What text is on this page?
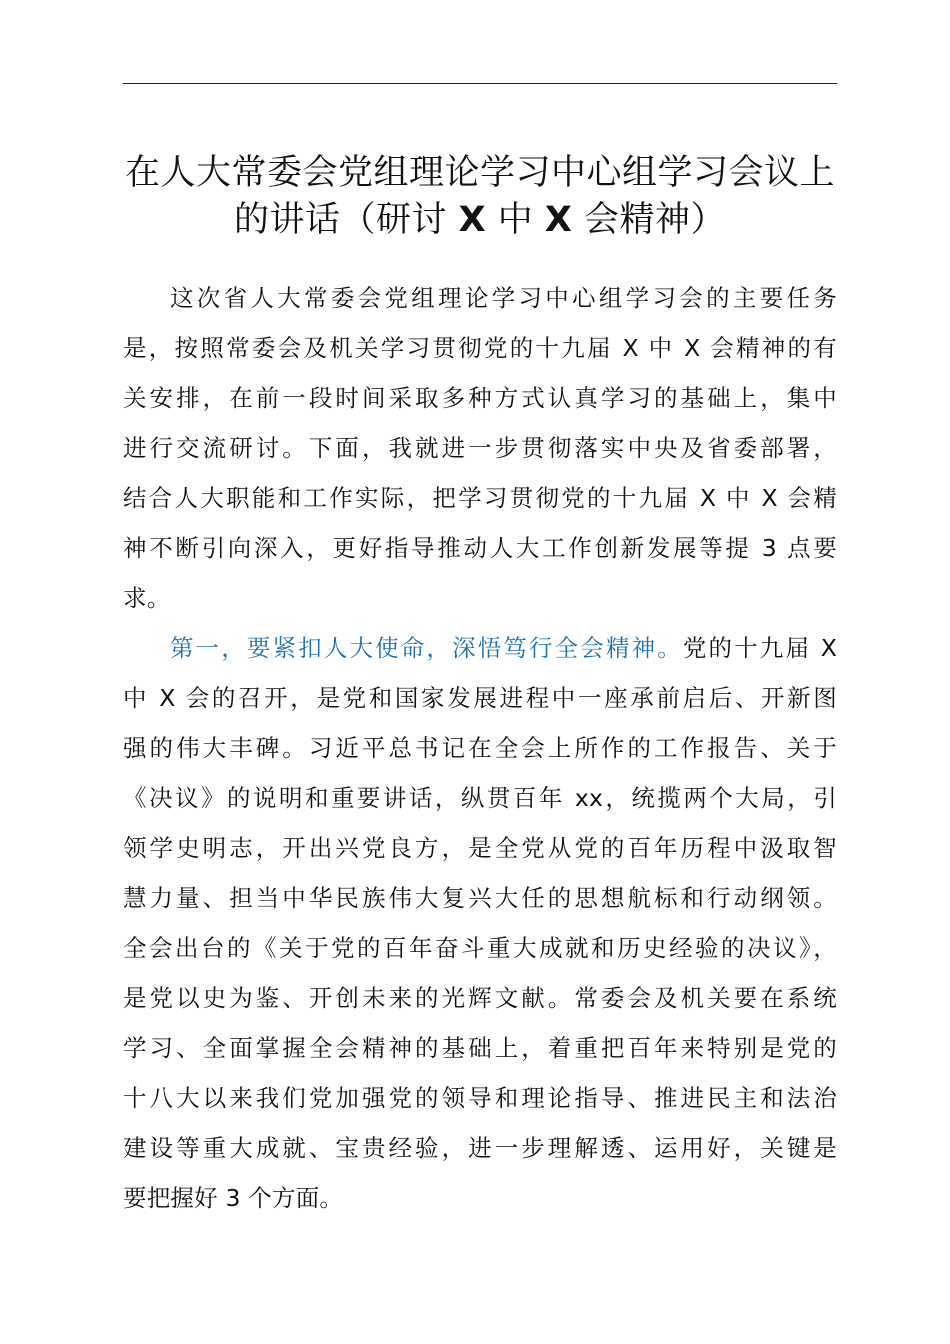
在人大常委会党组理论学习中心组学习会议上
的讲话（研讨 X 中 X 会精神）
这次省人大常委会党组理论学习中心组学习会的主要任务
是，按照常委会及机关学习贯彻党的十九届 X 中 X 会精神的有
关安排，在前一段时间采取多种方式认真学习的基础上，集中
进行交流研讨。下面，我就进一步贯彻落实中央及省委部署，
结合人大职能和工作实际，把学习贯彻党的十九届 X 中 X 会精
神不断引向深入，更好指导推动人大工作创新发展等提 3 点要
求。
第一，要紧扣人大使命，深悟笃行全会精神。党的十九届 X
中 X 会的召开，是党和国家发展进程中一座承前启后、开新图
强的伟大丰碑。习近平总书记在全会上所作的工作报告、关于
《决议》的说明和重要讲话，纵贯百年 xx，统揽两个大局，引
领学史明志，开出兴党良方，是全党从党的百年历程中汲取智
慧力量、担当中华民族伟大复兴大任的思想航标和行动纲领。
全会出台的《关于党的百年奋斗重大成就和历史经验的决议》，
是党以史为鉴、开创未来的光辉文献。常委会及机关要在系统
学习、全面掌握全会精神的基础上，着重把百年来特别是党的
十八大以来我们党加强党的领导和理论指导、推进民主和法治
建设等重大成就、宝贵经验，进一步理解透、运用好，关键是
要把握好 3 个方面。
